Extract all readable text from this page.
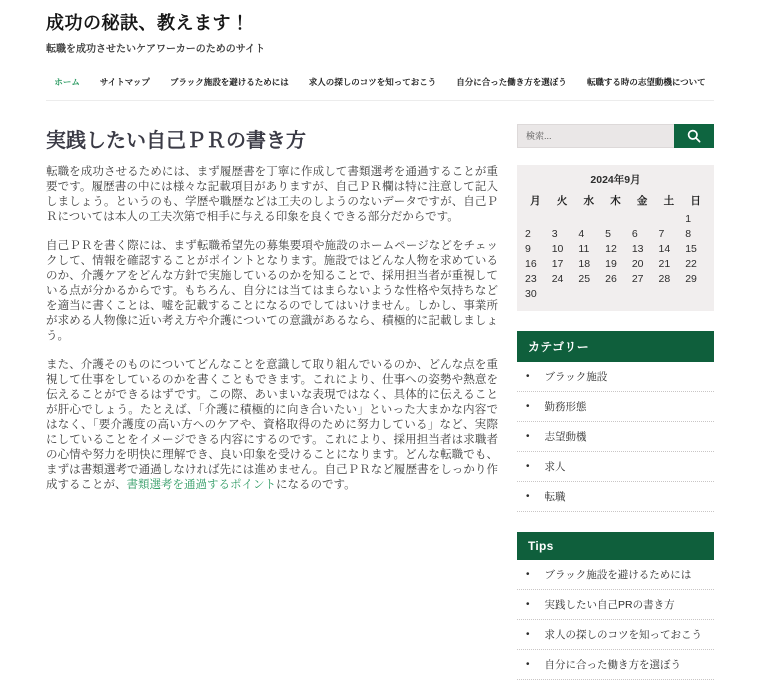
成功の秘訣、教えます！

転職を成功させたいケアワーカーのためのサイト

ホーム サイトマップ ブラック施設を避けるためには 求人の探しのコツを知っておこう 自分に合った働き方を選ぼう 転職する時の志望動機について
実践したい自己ＰＲの書き方

転職を成功させるためには、まず履歴書を丁寧に作成して書類選考を通過することが重要です。履歴書の中には様々な記載項目がありますが、自己ＰＲ欄は特に注意して記入しましょう。というのも、学歴や職歴などは工夫のしようのないデータですが、自己ＰＲについては本人の工夫次第で相手に与える印象を良くできる部分だからです。

自己ＰＲを書く際には、まず転職希望先の募集要項や施設のホームページなどをチェックして、情報を確認することがポイントとなります。施設ではどんな人物を求めているのか、介護ケアをどんな方針で実施しているのかを知ることで、採用担当者が重視している点が分かるからです。もちろん、自分には当てはまらないような性格や気持ちなどを適当に書くことは、嘘を記載することになるのでしてはいけません。しかし、事業所が求める人物像に近い考え方や介護についての意識があるなら、積極的に記載しましょう。

また、介護そのものについてどんなことを意識して取り組んでいるのか、どんな点を重視して仕事をしているのかを書くこともできます。これにより、仕事への姿勢や熱意を伝えることができるはずです。この際、あいまいな表現ではなく、具体的に伝えることが肝心でしょう。たとえば、「介護に積極的に向き合いたい」といった大まかな内容ではなく、「要介護度の高い方へのケアや、資格取得のために努力している」など、実際にしていることをイメージできる内容にするのです。これにより、採用担当者は求職者の心情や努力を明快に理解でき、良い印象を受けることになります。どんな転職でも、まずは書類選考で通過しなければ先には進めません。自己ＰＲなど履歴書をしっかり作成することが、書類選考を通過するポイントになるのです。

検索...
2024年9月
月	火	水	木	金	土	日
						1
2	3	4	5	6	7	8
9	10	11	12	13	14	15
16	17	18	19	20	21	22
23	24	25	26	27	28	29
30						
カテゴリー
• ブラック施設
• 勤務形態
• 志望動機
• 求人
• 転職
Tips
• ブラック施設を避けるためには
• 実践したい自己PRの書き方
• 求人の探しのコツを知っておこう
• 自分に合った働き方を選ぼう
